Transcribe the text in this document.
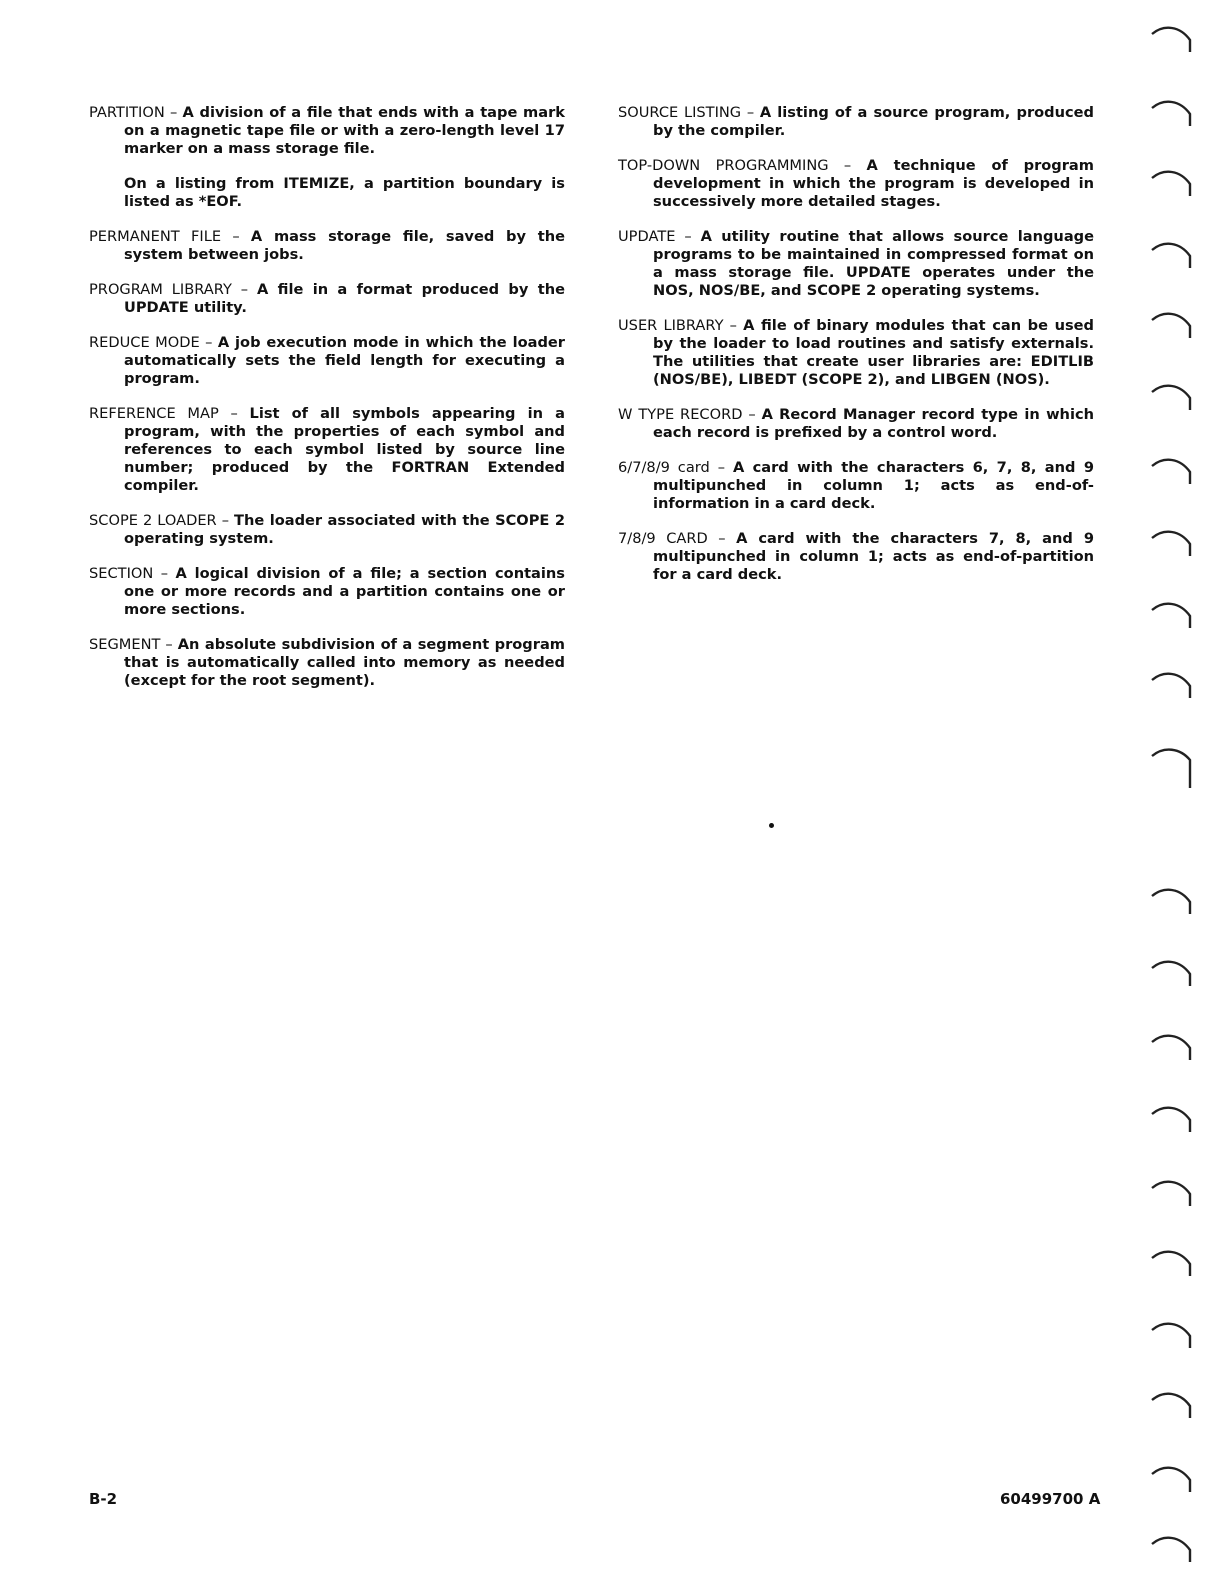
PARTITION – A division of a file that ends with a tape mark on a magnetic tape file or with a zero-length level 17 marker on a mass storage file.

On a listing from ITEMIZE, a partition boundary is listed as *EOF.

PERMANENT FILE – A mass storage file, saved by the system between jobs.

PROGRAM LIBRARY – A file in a format produced by the UPDATE utility.

REDUCE MODE – A job execution mode in which the loader automatically sets the field length for executing a program.

REFERENCE MAP – List of all symbols appearing in a program, with the properties of each symbol and references to each symbol listed by source line number; produced by the FORTRAN Extended compiler.

SCOPE 2 LOADER – The loader associated with the SCOPE 2 operating system.

SECTION – A logical division of a file; a section contains one or more records and a partition contains one or more sections.

SEGMENT – An absolute subdivision of a segment program that is automatically called into memory as needed (except for the root segment).

SOURCE LISTING – A listing of a source program, produced by the compiler.

TOP-DOWN PROGRAMMING – A technique of program development in which the program is developed in successively more detailed stages.

UPDATE – A utility routine that allows source language programs to be maintained in compressed format on a mass storage file. UPDATE operates under the NOS, NOS/BE, and SCOPE 2 operating systems.

USER LIBRARY – A file of binary modules that can be used by the loader to load routines and satisfy externals. The utilities that create user libraries are: EDITLIB (NOS/BE), LIBEDT (SCOPE 2), and LIBGEN (NOS).

W TYPE RECORD – A Record Manager record type in which each record is prefixed by a control word.

6/7/8/9 card – A card with the characters 6, 7, 8, and 9 multipunched in column 1; acts as end-of-information in a card deck.

7/8/9 CARD – A card with the characters 7, 8, and 9 multipunched in column 1; acts as end-of-partition for a card deck.

B-2	60499700 A
